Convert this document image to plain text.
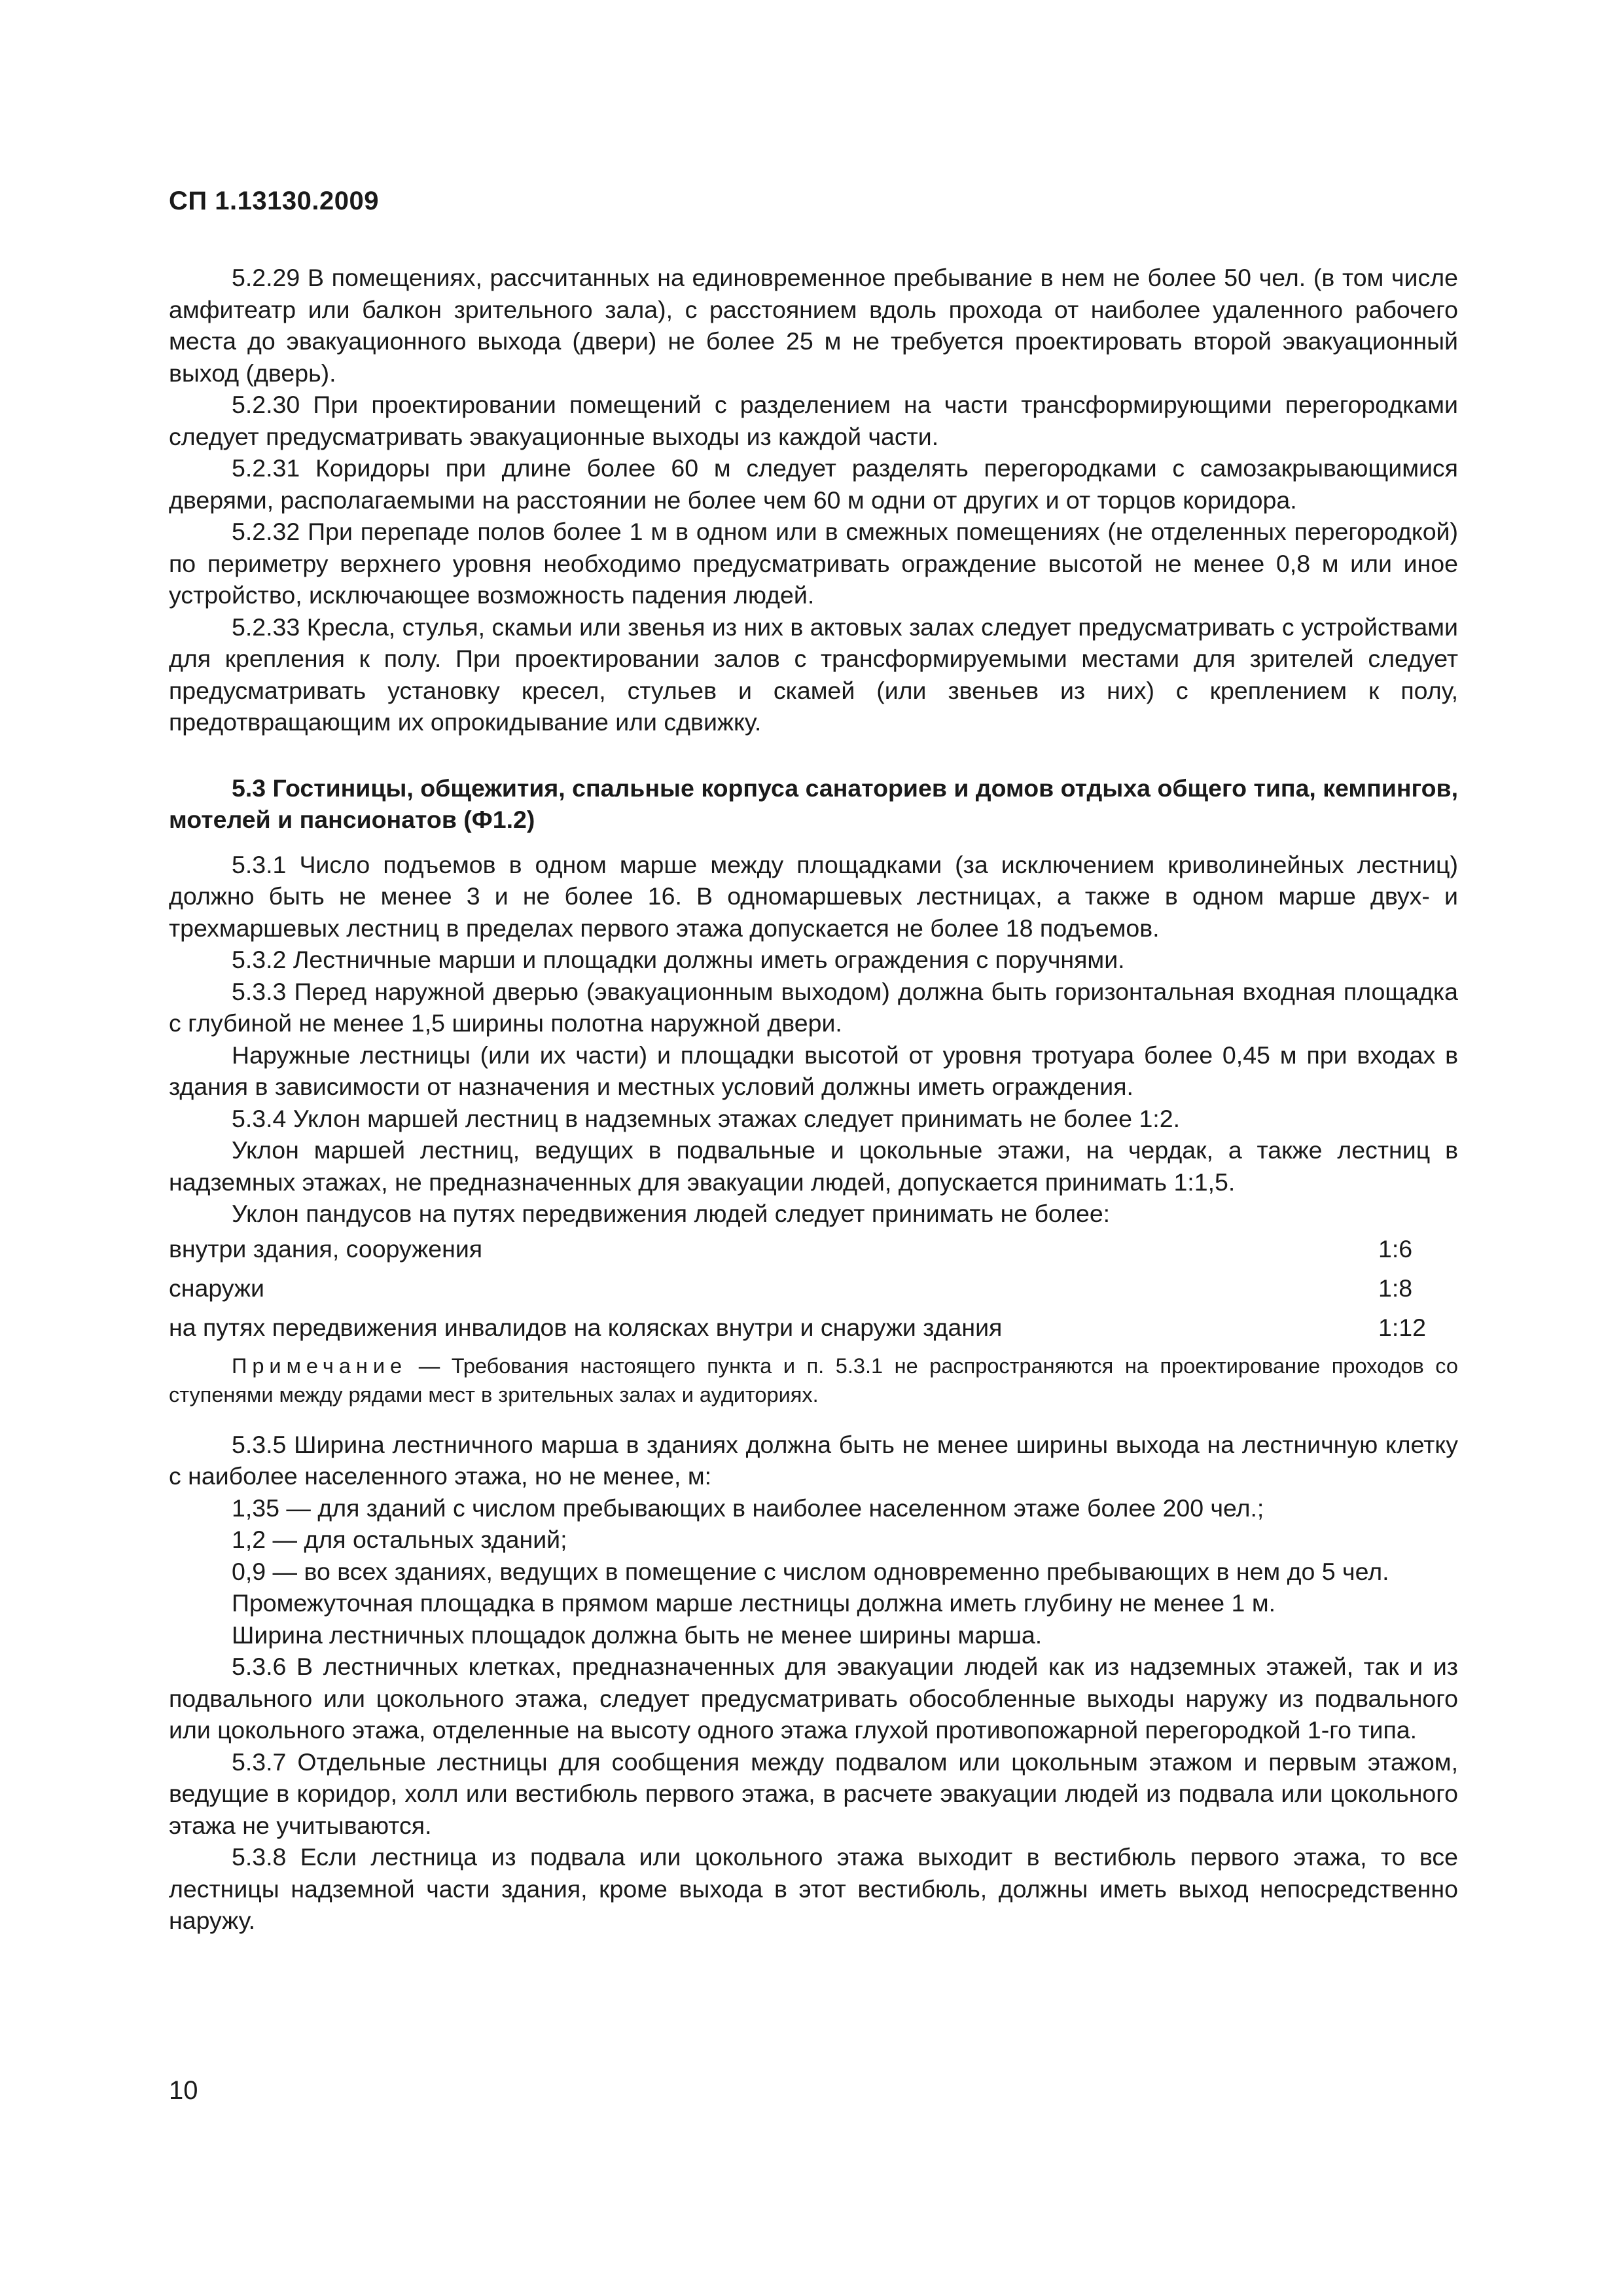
СП 1.13130.2009

5.2.29 В помещениях, рассчитанных на единовременное пребывание в нем не более 50 чел. (в том числе амфитеатр или балкон зрительного зала), с расстоянием вдоль прохода от наиболее удаленного рабочего места до эвакуационного выхода (двери) не более 25 м не требуется проектировать второй эвакуационный выход (дверь).

5.2.30 При проектировании помещений с разделением на части трансформирующими перегородками следует предусматривать эвакуационные выходы из каждой части.

5.2.31 Коридоры при длине более 60 м следует разделять перегородками с самозакрывающимися дверями, располагаемыми на расстоянии не более чем 60 м одни от других и от торцов коридора.

5.2.32 При перепаде полов более 1 м в одном или в смежных помещениях (не отделенных перегородкой) по периметру верхнего уровня необходимо предусматривать ограждение высотой не менее 0,8 м или иное устройство, исключающее возможность падения людей.

5.2.33 Кресла, стулья, скамьи или звенья из них в актовых залах следует предусматривать с устройствами для крепления к полу. При проектировании залов с трансформируемыми местами для зрителей следует предусматривать установку кресел, стульев и скамей (или звеньев из них) с креплением к полу, предотвращающим их опрокидывание или сдвижку.

5.3 Гостиницы, общежития, спальные корпуса санаториев и домов отдыха общего типа, кемпингов, мотелей и пансионатов (Ф1.2)

5.3.1 Число подъемов в одном марше между площадками (за исключением криволинейных лестниц) должно быть не менее 3 и не более 16. В одномаршевых лестницах, а также в одном марше двух- и трехмаршевых лестниц в пределах первого этажа допускается не более 18 подъемов.

5.3.2 Лестничные марши и площадки должны иметь ограждения с поручнями.

5.3.3 Перед наружной дверью (эвакуационным выходом) должна быть горизонтальная входная площадка с глубиной не менее 1,5 ширины полотна наружной двери.

Наружные лестницы (или их части) и площадки высотой от уровня тротуара более 0,45 м при входах в здания в зависимости от назначения и местных условий должны иметь ограждения.

5.3.4 Уклон маршей лестниц в надземных этажах следует принимать не более 1:2.

Уклон маршей лестниц, ведущих в подвальные и цокольные этажи, на чердак, а также лестниц в надземных этажах, не предназначенных для эвакуации людей, допускается принимать 1:1,5.

Уклон пандусов на путях передвижения людей следует принимать не более:

внутри здания, сооружения	1:6
снаружи	1:8
на путях передвижения инвалидов на колясках внутри и снаружи здания	1:12

Примечание — Требования настоящего пункта и п. 5.3.1 не распространяются на проектирование проходов со ступенями между рядами мест в зрительных залах и аудиториях.

5.3.5 Ширина лестничного марша в зданиях должна быть не менее ширины выхода на лестничную клетку с наиболее населенного этажа, но не менее, м:

1,35 — для зданий с числом пребывающих в наиболее населенном этаже более 200 чел.;

1,2 — для остальных зданий;

0,9 — во всех зданиях, ведущих в помещение с числом одновременно пребывающих в нем до 5 чел.

Промежуточная площадка в прямом марше лестницы должна иметь глубину не менее 1 м.

Ширина лестничных площадок должна быть не менее ширины марша.

5.3.6 В лестничных клетках, предназначенных для эвакуации людей как из надземных этажей, так и из подвального или цокольного этажа, следует предусматривать обособленные выходы наружу из подвального или цокольного этажа, отделенные на высоту одного этажа глухой противопожарной перегородкой 1-го типа.

5.3.7 Отдельные лестницы для сообщения между подвалом или цокольным этажом и первым этажом, ведущие в коридор, холл или вестибюль первого этажа, в расчете эвакуации людей из подвала или цокольного этажа не учитываются.

5.3.8 Если лестница из подвала или цокольного этажа выходит в вестибюль первого этажа, то все лестницы надземной части здания, кроме выхода в этот вестибюль, должны иметь выход непосредственно наружу.

10
